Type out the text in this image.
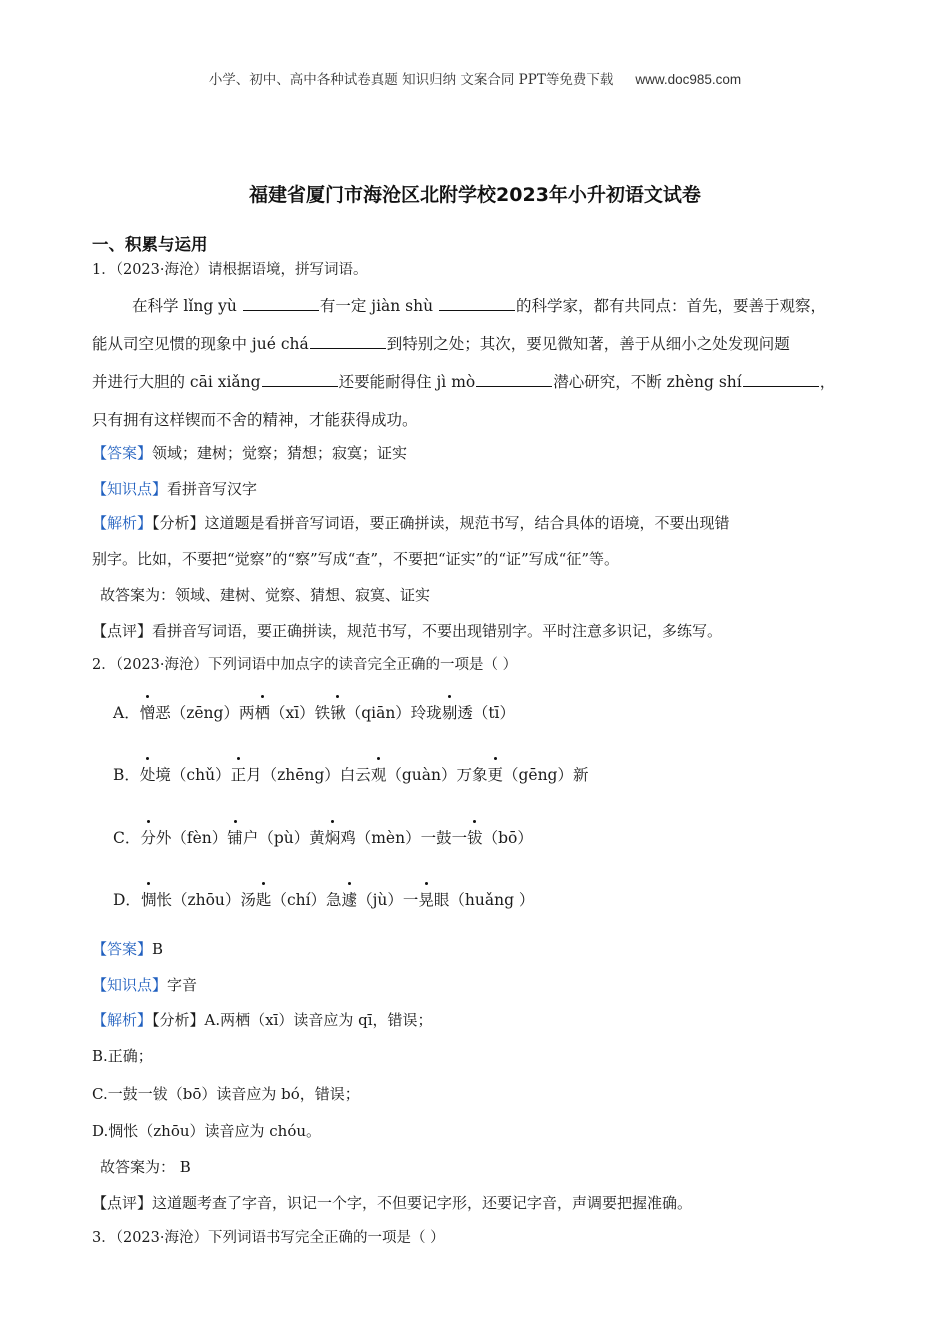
小学、初中、高中各种试卷真题 知识归纳 文案合同 PPT等免费下载 www.doc985.com
福建省厦门市海沧区北附学校2023年小升初语文试卷
一、积累与运用
1．（2023·海沧）请根据语境，拼写词语。
在科学 lǐng yù	有一定 jiàn shù	的科学家，都有共同点：首先，要善于观察，
能从司空见惯的现象中 jué chá	到特别之处；其次，要见微知著，善于从细小之处发现问题
并进行大胆的 cāi xiǎng	还要能耐得住 jì mò	潜心研究，不断 zhèng shí	，
只有拥有这样锲而不舍的精神，才能获得成功。
【答案】领域；建树；觉察；猜想；寂寞；证实
【知识点】看拼音写汉字
【解析】【分析】这道题是看拼音写词语，要正确拼读，规范书写，结合具体的语境，不要出现错
别字。比如，不要把“觉察”的“察”写成“查”，不要把“证实”的“证”写成“征”等。
故答案为：领域、建树、觉察、猜想、寂寞、证实
【点评】看拼音写词语，要正确拼读，规范书写，不要出现错别字。平时注意多识记，多练写。
2．（2023·海沧）下列词语中加点字的读音完全正确的一项是（ ）
A．憎恶（zēng）两栖（xī）铁锹（qiān）玲珑剔透（tī）
B．处境（chǔ）正月（zhēng）白云观（guàn）万象更（gēng）新
C．分外（fèn）铺户（pù）黄焖鸡（mèn）一鼓一钹（bō）
D．惆怅（zhōu）汤匙（chí）急遽（jù）一晃眼（huǎng ）
【答案】B
【知识点】字音
【解析】【分析】A.两栖（xī）读音应为 qī，错误；
B.正确；
C.一鼓一钹（bō）读音应为 bó，错误；
D.惆怅（zhōu）读音应为 chóu。
故答案为： B
【点评】这道题考查了字音，识记一个字，不但要记字形，还要记字音，声调要把握准确。
3．（2023·海沧）下列词语书写完全正确的一项是（ ）
